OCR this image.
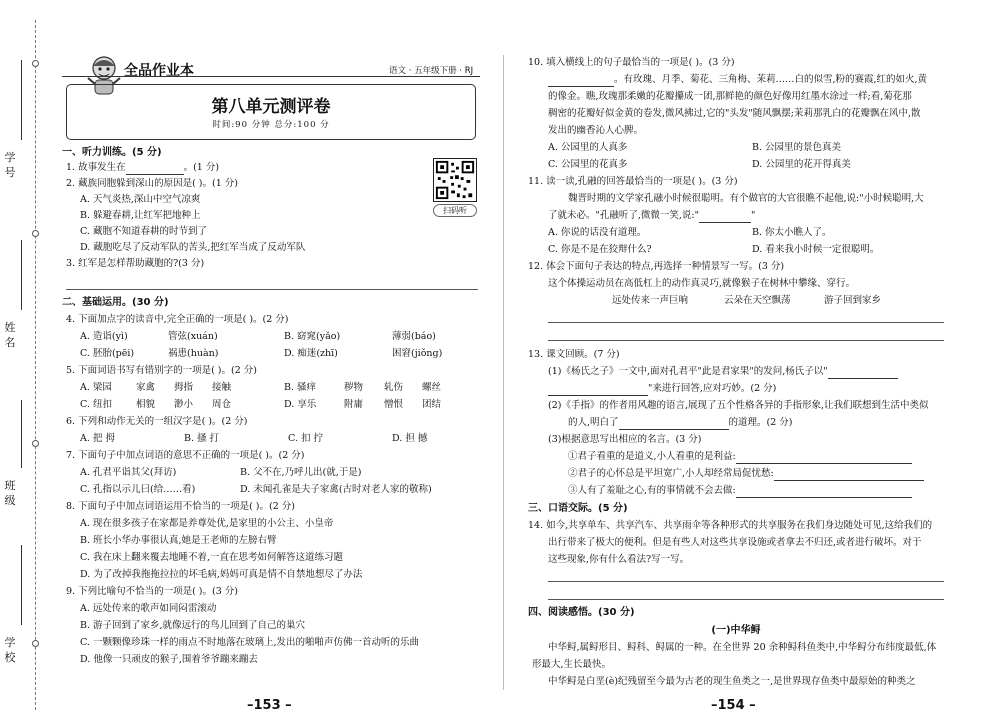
学 号
姓 名
班 级
学 校
全品作业本	语文 · 五年级下册 · RJ
第八单元测评卷
时间:90 分钟 总分:100 分
扫码听
一、听力训练。(5 分)
1. 故事发生在	。(1 分)
2. 藏族同胞躲到深山的原因是( )。(1 分)
A. 天气炎热,深山中空气凉爽
B. 躲避春耕,让红军把地种上
C. 藏胞不知道春耕的时节到了
D. 藏胞吃尽了反动军队的苦头,把红军当成了反动军队
3. 红军是怎样帮助藏胞的?(3 分)
二、基础运用。(30 分)
4. 下面加点字的读音中,完全正确的一项是( )。(2 分)
A. 造诣(yì)	管弦(xuán)	B. 窈窕(yǎo)	薄弱(báo)
C. 胚胎(pēi)	祸患(huàn)	D. 痴迷(zhī)	困窘(jiǒng)
5. 下面词语书写有错别字的一项是( )。(2 分)
A. 梁园	家禽 拇指 接触	B. 骚痒	秽物 轧伤 螺丝
C. 纽扣	相貌 渺小 周仓	D. 享乐	附庸 憎恨 团结
6. 下列和动作无关的一组汉字是( )。(2 分)
A. 把 拇	B. 搔 打	C. 扣 拧	D. 担 撼
7. 下面句子中加点词语的意思不正确的一项是( )。(2 分)
A. 孔君平诣其父(拜访)	B. 父不在,乃呼儿出(就,于是)
C. 孔指以示儿曰(给……看)	D. 未闻孔雀是夫子家禽(古时对老人家的敬称)
8. 下面句子中加点词语运用不恰当的一项是( )。(2 分)
A. 现在很多孩子在家都是养尊处优,是家里的小公主、小皇帝
B. 班长小华办事很认真,她是王老师的左膀右臂
C. 我在床上翻来覆去地睡不着,一直在思考如何解答这道练习题
D. 为了改掉我拖拖拉拉的坏毛病,妈妈可真是情不自禁地想尽了办法
9. 下列比喻句不恰当的一项是( )。(3 分)
A. 远处传来的歌声如同闷雷滚动
B. 游子回到了家乡,就像远行的鸟儿回到了自己的巢穴
C. 一颗颗像珍珠一样的雨点不时地落在玻璃上,发出的啪啪声仿佛一首动听的乐曲
D. 他像一只顽皮的猴子,围着爷爷蹦来蹦去
–153 –
10. 填入横线上的句子最恰当的一项是( )。(3 分)
。有玫瑰、月季、菊花、三角梅、茉莉……白的似雪,粉的赛霞,红的如火,黄
的像金。瞧,玫瑰那柔嫩的花瓣攥成一团,那鲜艳的颜色好像用红墨水涂过一样;看,菊花那
稠密的花瓣好似金黄的卷发,微风拂过,它的"头发"随风飘摆;茉莉那乳白的花瓣飘在风中,散
发出的幽香沁人心脾。
A. 公园里的人真多	B. 公园里的景色真美
C. 公园里的花真多	D. 公园里的花开得真美
11. 读一读,孔融的回答最恰当的一项是( )。(3 分)
魏晋时期的文学家孔融小时候很聪明。有个做官的大官很瞧不起他,说:"小时候聪明,大
了就未必。"孔融听了,微微一笑,说:"	"
A. 你说的话没有道理。	B. 你太小瞧人了。
C. 你是不是在狡辩什么?	D. 看来我小时候一定很聪明。
12. 体会下面句子表达的特点,再选择一种情景写一写。(3 分)
这个体操运动员在高低杠上的动作真灵巧,就像猴子在树林中攀缘、穿行。
远处传来一声巨响	云朵在天空飘荡	游子回到家乡
13. 课文回顾。(7 分)
(1)《杨氏之子》一文中,面对孔君平"此是君家果"的发问,杨氏子以"
"来进行回答,应对巧妙。(2 分)
(2)《手指》的作者用风趣的语言,展现了五个性格各异的手指形象,让我们联想到生活中类似
的人,明白了	的道理。(2 分)
(3)根据意思写出相应的名言。(3 分)
①君子看重的是道义,小人看重的是利益:
②君子的心怀总是平坦宽广,小人却经常局促忧愁:
③人有了羞耻之心,有的事情就不会去做:
三、口语交际。(5 分)
14. 如今,共享单车、共享汽车、共享雨伞等各种形式的共享服务在我们身边随处可见,这给我们的
出行带来了极大的便利。但是有些人对这些共享设施或者拿去不归还,或者进行破坏。对于
这些现象,你有什么看法?写一写。
四、阅读感悟。(30 分)
(一)中华鲟
中华鲟,属鲟形目、鲟科、鲟属的一种。在全世界 20 余种鲟科鱼类中,中华鲟分布纬度最低,体
形最大,生长最快。
中华鲟是白垩(è)纪残留至今最为古老的现生鱼类之一,是世界现存鱼类中最原始的种类之
–154 –
